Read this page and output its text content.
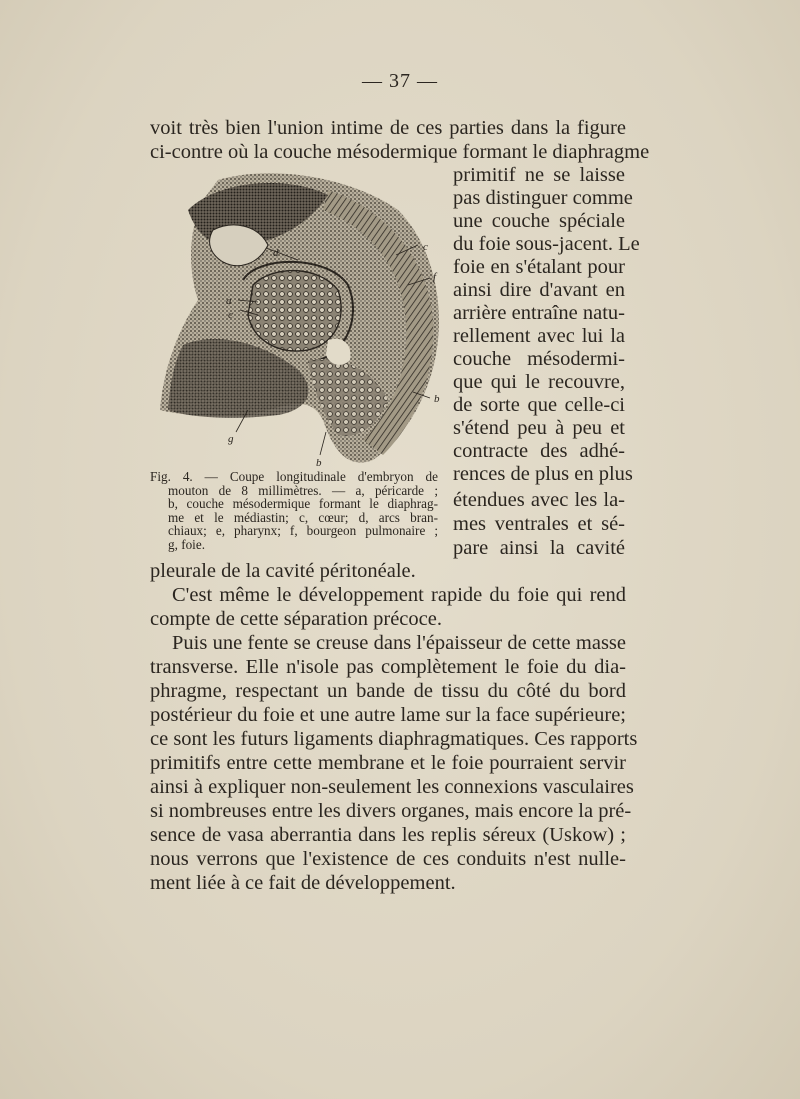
— 37 —
voit très bien l'union intime de ces parties dans la figure
ci-contre où la couche mésodermique formant le diaphragme
primitif ne se laisse
pas distinguer comme
une couche spéciale
du foie sous-jacent. Le
foie en s'étalant pour
ainsi dire d'avant en
arrière entraîne natu-
rellement avec lui la
couche mésodermi-
que qui le recouvre,
de sorte que celle-ci
s'étend peu à peu et
contracte des adhé-
rences de plus en plus
étendues avec les la-
mes ventrales et sé-
pare ainsi la cavité
d	c
f
a
c
b
g
b
Fig. 4. — Coupe longitudinale d'embryon de
mouton de 8 millimètres. — a, péricarde ;
b, couche mésodermique formant le diaphrag-
me et le médiastin; c, cœur; d, arcs bran-
chiaux; e, pharynx; f, bourgeon pulmonaire ;
g, foie.
pleurale de la cavité péritonéale.
C'est même le développement rapide du foie qui rend
compte de cette séparation précoce.
Puis une fente se creuse dans l'épaisseur de cette masse
transverse. Elle n'isole pas complètement le foie du dia-
phragme, respectant un bande de tissu du côté du bord
postérieur du foie et une autre lame sur la face supérieure;
ce sont les futurs ligaments diaphragmatiques. Ces rapports
primitifs entre cette membrane et le foie pourraient servir
ainsi à expliquer non-seulement les connexions vasculaires
si nombreuses entre les divers organes, mais encore la pré-
sence de vasa aberrantia dans les replis séreux (Uskow) ;
nous verrons que l'existence de ces conduits n'est nulle-
ment liée à ce fait de développement.
